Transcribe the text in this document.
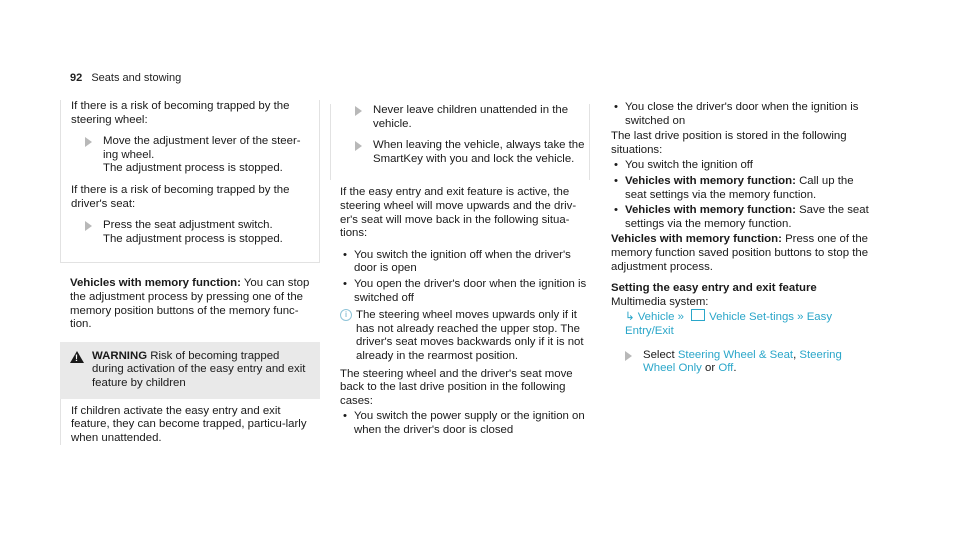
92 Seats and stowing

If there is a risk of becoming trapped by the steering wheel:

Move the adjustment lever of the steer-ing wheel.
The adjustment process is stopped.

If there is a risk of becoming trapped by the driver's seat:

Press the seat adjustment switch.
The adjustment process is stopped.

Vehicles with memory function: You can stop the adjustment process by pressing one of the memory position buttons of the memory func-tion.

!
WARNING Risk of becoming trapped during activation of the easy entry and exit feature by children
If children activate the easy entry and exit feature, they can become trapped, particu-larly when unattended.
Never leave children unattended in the vehicle.
When leaving the vehicle, always take the SmartKey with you and lock the vehicle.

If the easy entry and exit feature is active, the steering wheel will move upwards and the driv-er's seat will move back in the following situa-tions:

• You switch the ignition off when the driver's door is open
• You open the driver's door when the ignition is switched off
i The steering wheel moves upwards only if it has not already reached the upper stop. The driver's seat moves backwards only if it is not already in the rearmost position.

The steering wheel and the driver's seat move back to the last drive position in the following cases:

• You switch the power supply or the ignition on when the driver's door is closed
• You close the driver's door when the ignition is switched on

The last drive position is stored in the following situations:

• You switch the ignition off
• Vehicles with memory function: Call up the seat settings via the memory function.
• Vehicles with memory function: Save the seat settings via the memory function.

Vehicles with memory function: Press one of the memory function saved position buttons to stop the adjustment process.

Setting the easy entry and exit feature
Multimedia system:
↳ Vehicle » Vehicle Set-tings » Easy Entry/Exit
Select Steering Wheel & Seat, Steering Wheel Only or Off.
